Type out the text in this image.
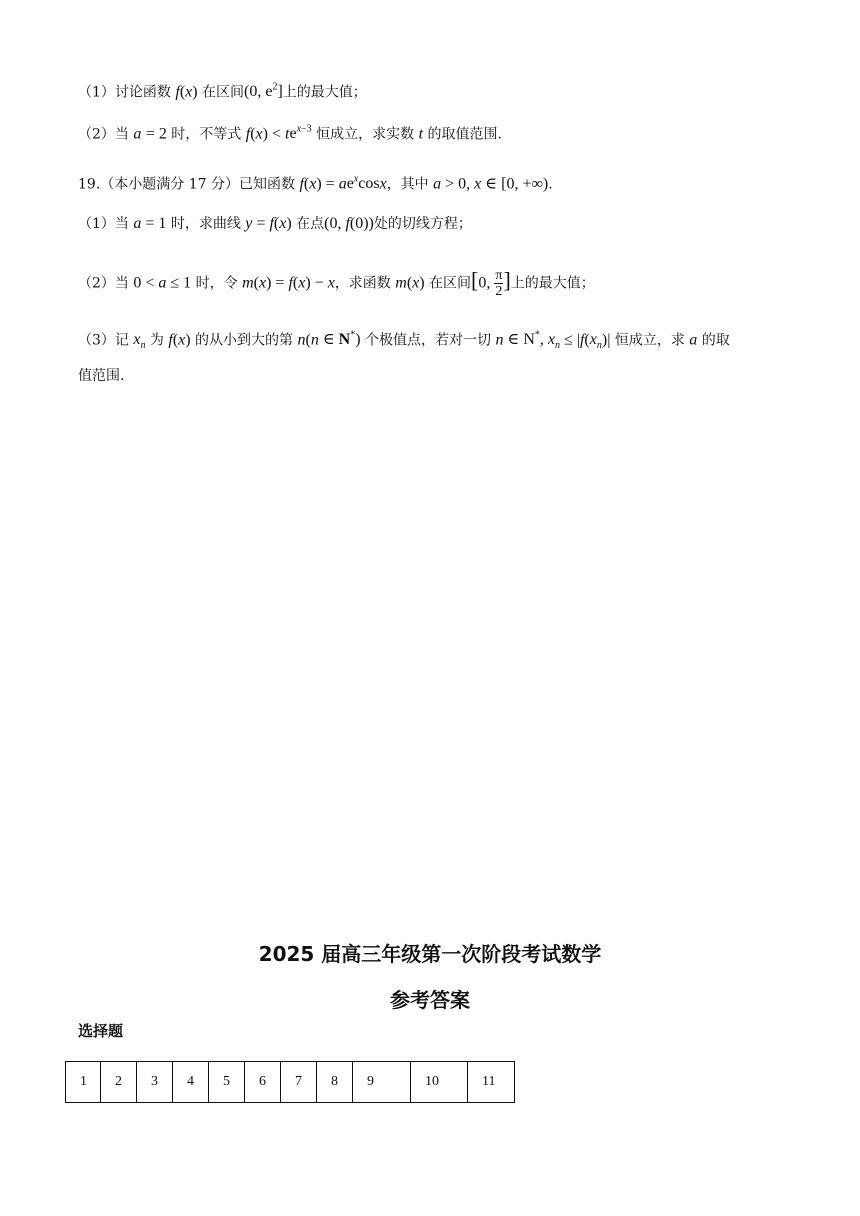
（1）讨论函数 f(x) 在区间(0, $e^2$]上的最大值；
（2）当 a = 2 时，不等式 $f(x) < te^{x-3}$ 恒成立，求实数 t 的取值范围.
19.（本小题满分 17 分）已知函数 $f(x) = ae^x\cos x$，其中 a > 0, x ∈ [0, +∞).
（1）当 a = 1 时，求曲线 y = f(x) 在点(0, f(0))处的切线方程；
（2）当 0 < a ≤ 1 时，令 m(x) = f(x) − x，求函数 m(x) 在区间[0, $\frac{\pi}{2}$ ]上的最大值；
（3）记 $x_n$ 为 f(x) 的从小到大的第 n(n ∈ N*) 个极值点，若对一切 n ∈ N*, $x_n \le |f(x_n)|$ 恒成立，求 a 的取
值范围.
2025 届高三年级第一次阶段考试数学
参考答案
选择题
1	2	3	4	5	6	7	8	9	10	11
